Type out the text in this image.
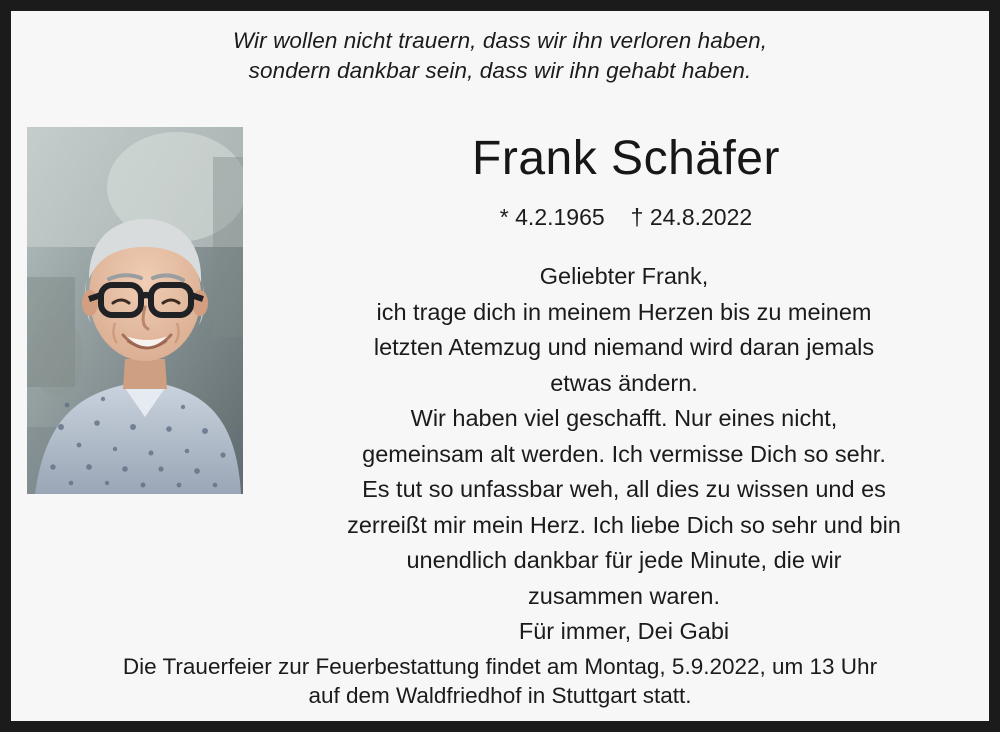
Wir wollen nicht trauern, dass wir ihn verloren haben,
sondern dankbar sein, dass wir ihn gehabt haben.
Frank Schäfer
* 4.2.1965 † 24.8.2022
Geliebter Frank,
ich trage dich in meinem Herzen bis zu meinem
letzten Atemzug und niemand wird daran jemals
etwas ändern.
Wir haben viel geschafft. Nur eines nicht,
gemeinsam alt werden. Ich vermisse Dich so sehr.
Es tut so unfassbar weh, all dies zu wissen und es
zerreißt mir mein Herz. Ich liebe Dich so sehr und bin
unendlich dankbar für jede Minute, die wir
zusammen waren.
Für immer, Dei Gabi
Die Trauerfeier zur Feuerbestattung findet am Montag, 5.9.2022, um 13 Uhr
auf dem Waldfriedhof in Stuttgart statt.
